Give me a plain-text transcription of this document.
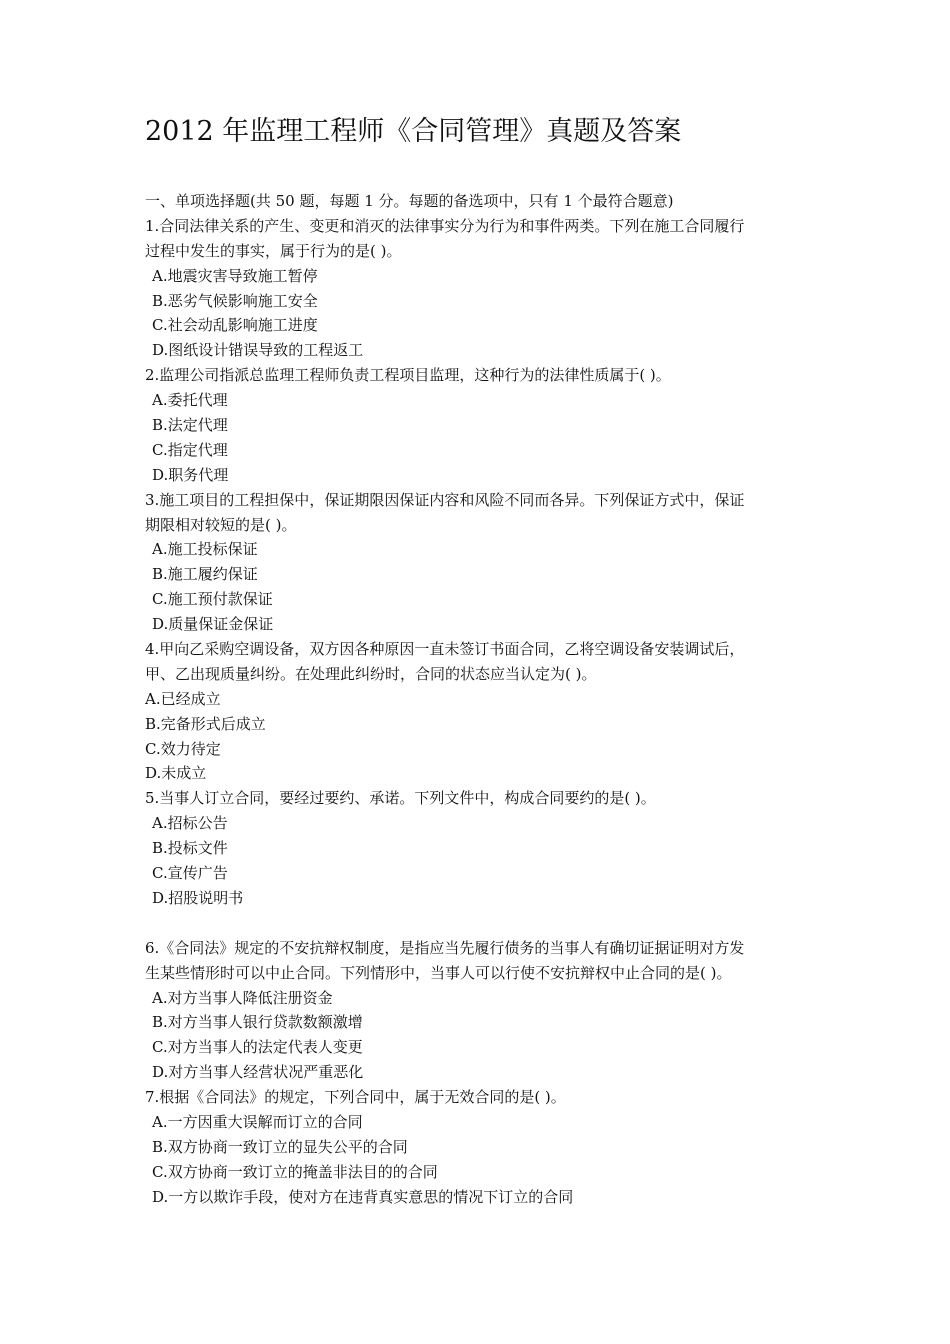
2012 年监理工程师《合同管理》真题及答案
一、单项选择题(共 50 题，每题 1 分。每题的备选项中，只有 1 个最符合题意)
1.合同法律关系的产生、变更和消灭的法律事实分为行为和事件两类。下列在施工合同履行
过程中发生的事实，属于行为的是( )。
A.地震灾害导致施工暂停
B.恶劣气候影响施工安全
C.社会动乱影响施工进度
D.图纸设计错误导致的工程返工
2.监理公司指派总监理工程师负责工程项目监理，这种行为的法律性质属于( )。
A.委托代理
B.法定代理
C.指定代理
D.职务代理
3.施工项目的工程担保中，保证期限因保证内容和风险不同而各异。下列保证方式中，保证
期限相对较短的是( )。
A.施工投标保证
B.施工履约保证
C.施工预付款保证
D.质量保证金保证
4.甲向乙采购空调设备，双方因各种原因一直未签订书面合同，乙将空调设备安装调试后，
甲、乙出现质量纠纷。在处理此纠纷时，合同的状态应当认定为( )。
A.已经成立
B.完备形式后成立
C.效力待定
D.未成立
5.当事人订立合同，要经过要约、承诺。下列文件中，构成合同要约的是( )。
A.招标公告
B.投标文件
C.宣传广告
D.招股说明书
6.《合同法》规定的不安抗辩权制度，是指应当先履行债务的当事人有确切证据证明对方发
生某些情形时可以中止合同。下列情形中，当事人可以行使不安抗辩权中止合同的是( )。
A.对方当事人降低注册资金
B.对方当事人银行贷款数额激增
C.对方当事人的法定代表人变更
D.对方当事人经营状况严重恶化
7.根据《合同法》的规定，下列合同中，属于无效合同的是( )。
A.一方因重大误解而订立的合同
B.双方协商一致订立的显失公平的合同
C.双方协商一致订立的掩盖非法目的的合同
D.一方以欺诈手段，使对方在违背真实意思的情况下订立的合同
